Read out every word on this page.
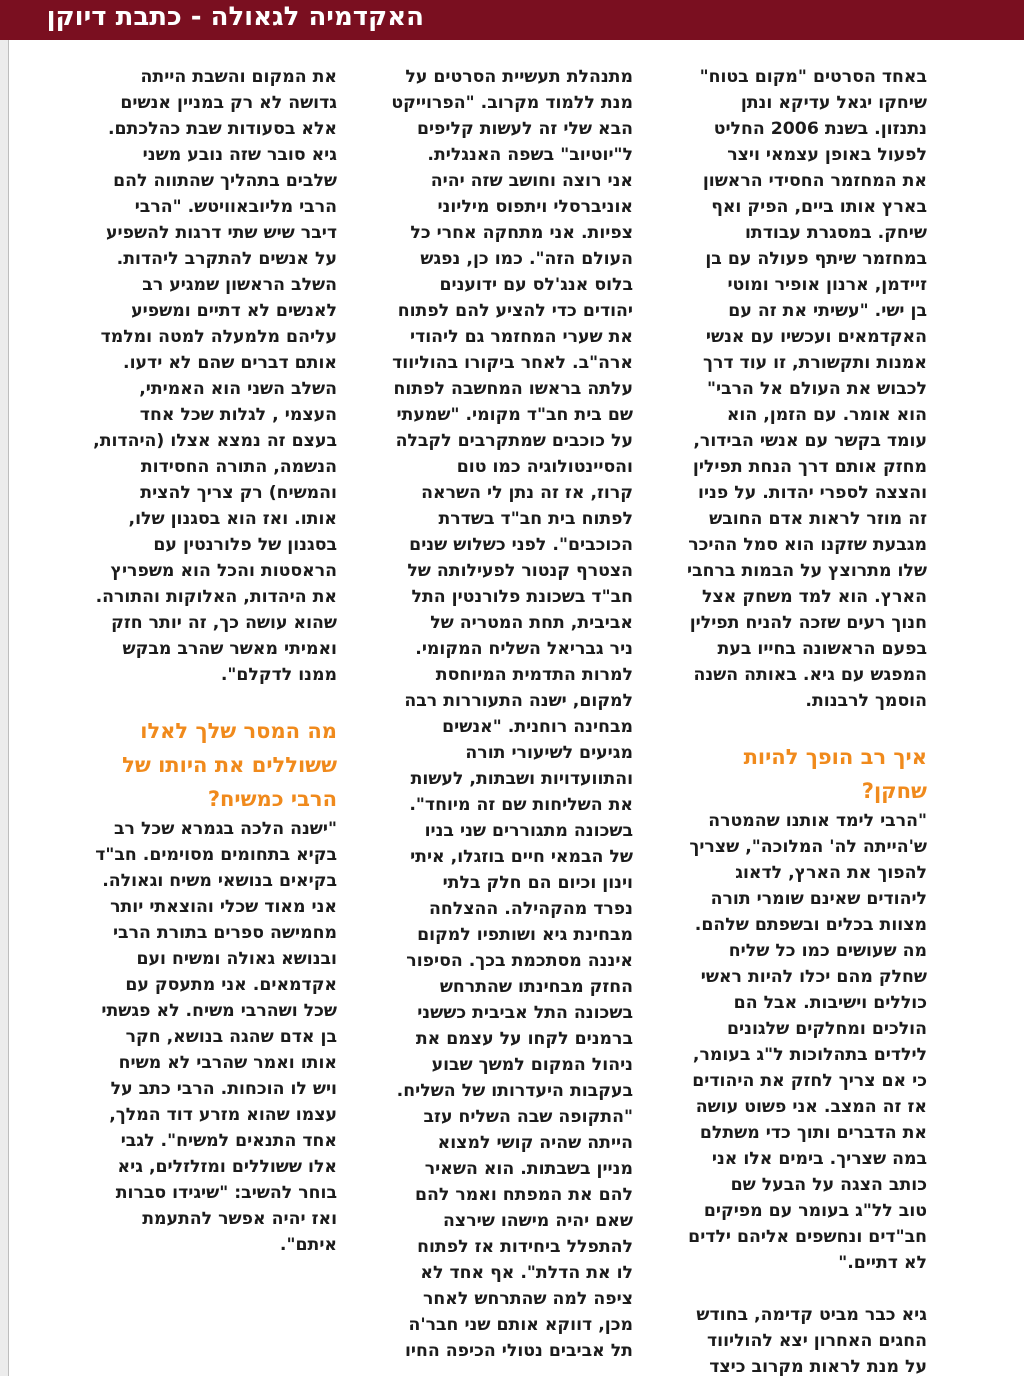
האקדמיה לגאולה - כתבת דיוקן
באחד הסרטים "מקום בטוח"
שיחקו יגאל עדיקא ונתן
נתנזון. בשנת 2006 החליט
לפעול באופן עצמאי ויצר
את המחזמר החסידי הראשון
בארץ אותו ביים, הפיק ואף
שיחק. במסגרת עבודתו
במחזמר שיתף פעולה עם בן
זיידמן, ארנון אופיר ומוטי
בן ישי. "עשיתי את זה עם
האקדמאים ועכשיו עם אנשי
אמנות ותקשורת, זו עוד דרך
לכבוש את העולם אל הרבי"
הוא אומר. עם הזמן, הוא
עומד בקשר עם אנשי הבידור,
מחזק אותם דרך הנחת תפילין
והצצה לספרי יהדות. על פניו
זה מוזר לראות אדם החובש
מגבעת שזקנו הוא סמל ההיכר
שלו מתרוצץ על הבמות ברחבי
הארץ. הוא למד משחק אצל
חנוך רעים שזכה להניח תפילין
בפעם הראשונה בחייו בעת
המפגש עם גיא. באותה השנה
הוסמך לרבנות.
איך רב הופך להיות
שחקן?
"הרבי לימד אותנו שהמטרה
ש'הייתה לה' המלוכה", שצריך
להפוך את הארץ, לדאוג
ליהודים שאינם שומרי תורה
מצוות בכלים ובשפתם שלהם.
מה שעושים כמו כל שליח
שחלק מהם יכלו להיות ראשי
כוללים וישיבות. אבל הם
הולכים ומחלקים שלגונים
לילדים בתהלוכות ל"ג בעומר,
כי אם צריך לחזק את היהודים
אז זה המצב. אני פשוט עושה
את הדברים ותוך כדי משתלם
במה שצריך. בימים אלו אני
כותב הצגה על הבעל שם
טוב לל"ג בעומר עם מפיקים
חב"דים ונחשפים אליהם ילדים
לא דתיים."
גיא כבר מביט קדימה, בחודש
החגים האחרון יצא להוליווד
על מנת לראות מקרוב כיצד
מתנהלת תעשיית הסרטים על
מנת ללמוד מקרוב. "הפרוייקט
הבא שלי זה לעשות קליפים
ל"יוטיוב" בשפה האנגלית.
אני רוצה וחושב שזה יהיה
אוניברסלי ויתפוס מיליוני
צפיות. אני מתחקה אחרי כל
העולם הזה". כמו כן, נפגש
בלוס אנג'לס עם ידוענים
יהודים כדי להציע להם לפתוח
את שערי המחזמר גם ליהודי
ארה"ב. לאחר ביקורו בהוליווד
עלתה בראשו המחשבה לפתוח
שם בית חב"ד מקומי. "שמעתי
על כוכבים שמתקרבים לקבלה
והסיינטולוגיה כמו טום
קרוז, אז זה נתן לי השראה
לפתוח בית חב"ד בשדרת
הכוכבים". לפני כשלוש שנים
הצטרף קנטור לפעילותה של
חב"ד בשכונת פלורנטין התל
אביבית, תחת המטריה של
ניר גבריאל השליח המקומי.
למרות התדמית המיוחסת
למקום, ישנה התעוררות רבה
מבחינה רוחנית. "אנשים
מגיעים לשיעורי תורה
והתוועדויות ושבתות, לעשות
את השליחות שם זה מיוחד".
בשכונה מתגוררים שני בניו
של הבמאי חיים בוזגלו, איתי
וינון וכיום הם חלק בלתי
נפרד מהקהילה. ההצלחה
מבחינת גיא ושותפיו למקום
איננה מסתכמת בכך. הסיפור
החזק מבחינתו שהתרחש
בשכונה התל אביבית כששני
ברמנים לקחו על עצמם את
ניהול המקום למשך שבוע
בעקבות היעדרותו של השליח.
"התקופה שבה השליח עזב
הייתה שהיה קושי למצוא
מניין בשבתות. הוא השאיר
להם את המפתח ואמר להם
שאם יהיה מישהו שירצה
להתפלל ביחידות אז לפתוח
לו את הדלת". אף אחד לא
ציפה למה שהתרחש לאחר
מכן, דווקא אותם שני חבר'ה
תל אביבים נטולי הכיפה החיו
את המקום והשבת הייתה
גדושה לא רק במניין אנשים
אלא בסעודות שבת כהלכתם.
גיא סובר שזה נובע משני
שלבים בתהליך שהתווה להם
הרבי מליובאוויטש. "הרבי
דיבר שיש שתי דרגות להשפיע
על אנשים להתקרב ליהדות.
השלב הראשון שמגיע רב
לאנשים לא דתיים ומשפיע
עליהם מלמעלה למטה ומלמד
אותם דברים שהם לא ידעו.
השלב השני הוא האמיתי,
העצמי , לגלות שכל אחד
בעצם זה נמצא אצלו (היהדות,
הנשמה, התורה החסידות
והמשיח) רק צריך להצית
אותו. ואז הוא בסגנון שלו,
בסגנון של פלורנטין עם
הראסטות והכל הוא משפריץ
את היהדות, האלוקות והתורה.
שהוא עושה כך, זה יותר חזק
ואמיתי מאשר שהרב מבקש
ממנו לדקלם".
מה המסר שלך לאלו
ששוללים את היותו של
הרבי כמשיח?
"ישנה הלכה בגמרא שכל רב
בקיא בתחומים מסוימים. חב"ד
בקיאים בנושאי משיח וגאולה.
אני מאוד שכלי והוצאתי יותר
מחמישה ספרים בתורת הרבי
ובנושא גאולה ומשיח ועם
אקדמאים. אני מתעסק עם
שכל ושהרבי משיח. לא פגשתי
בן אדם שהגה בנושא, חקר
אותו ואמר שהרבי לא משיח
ויש לו הוכחות. הרבי כתב על
עצמו שהוא מזרע דוד המלך,
אחד התנאים למשיח". לגבי
אלו ששוללים ומזלזלים, גיא
בוחר להשיב: "שיגידו סברות
ואז יהיה אפשר להתעמת
איתם".
